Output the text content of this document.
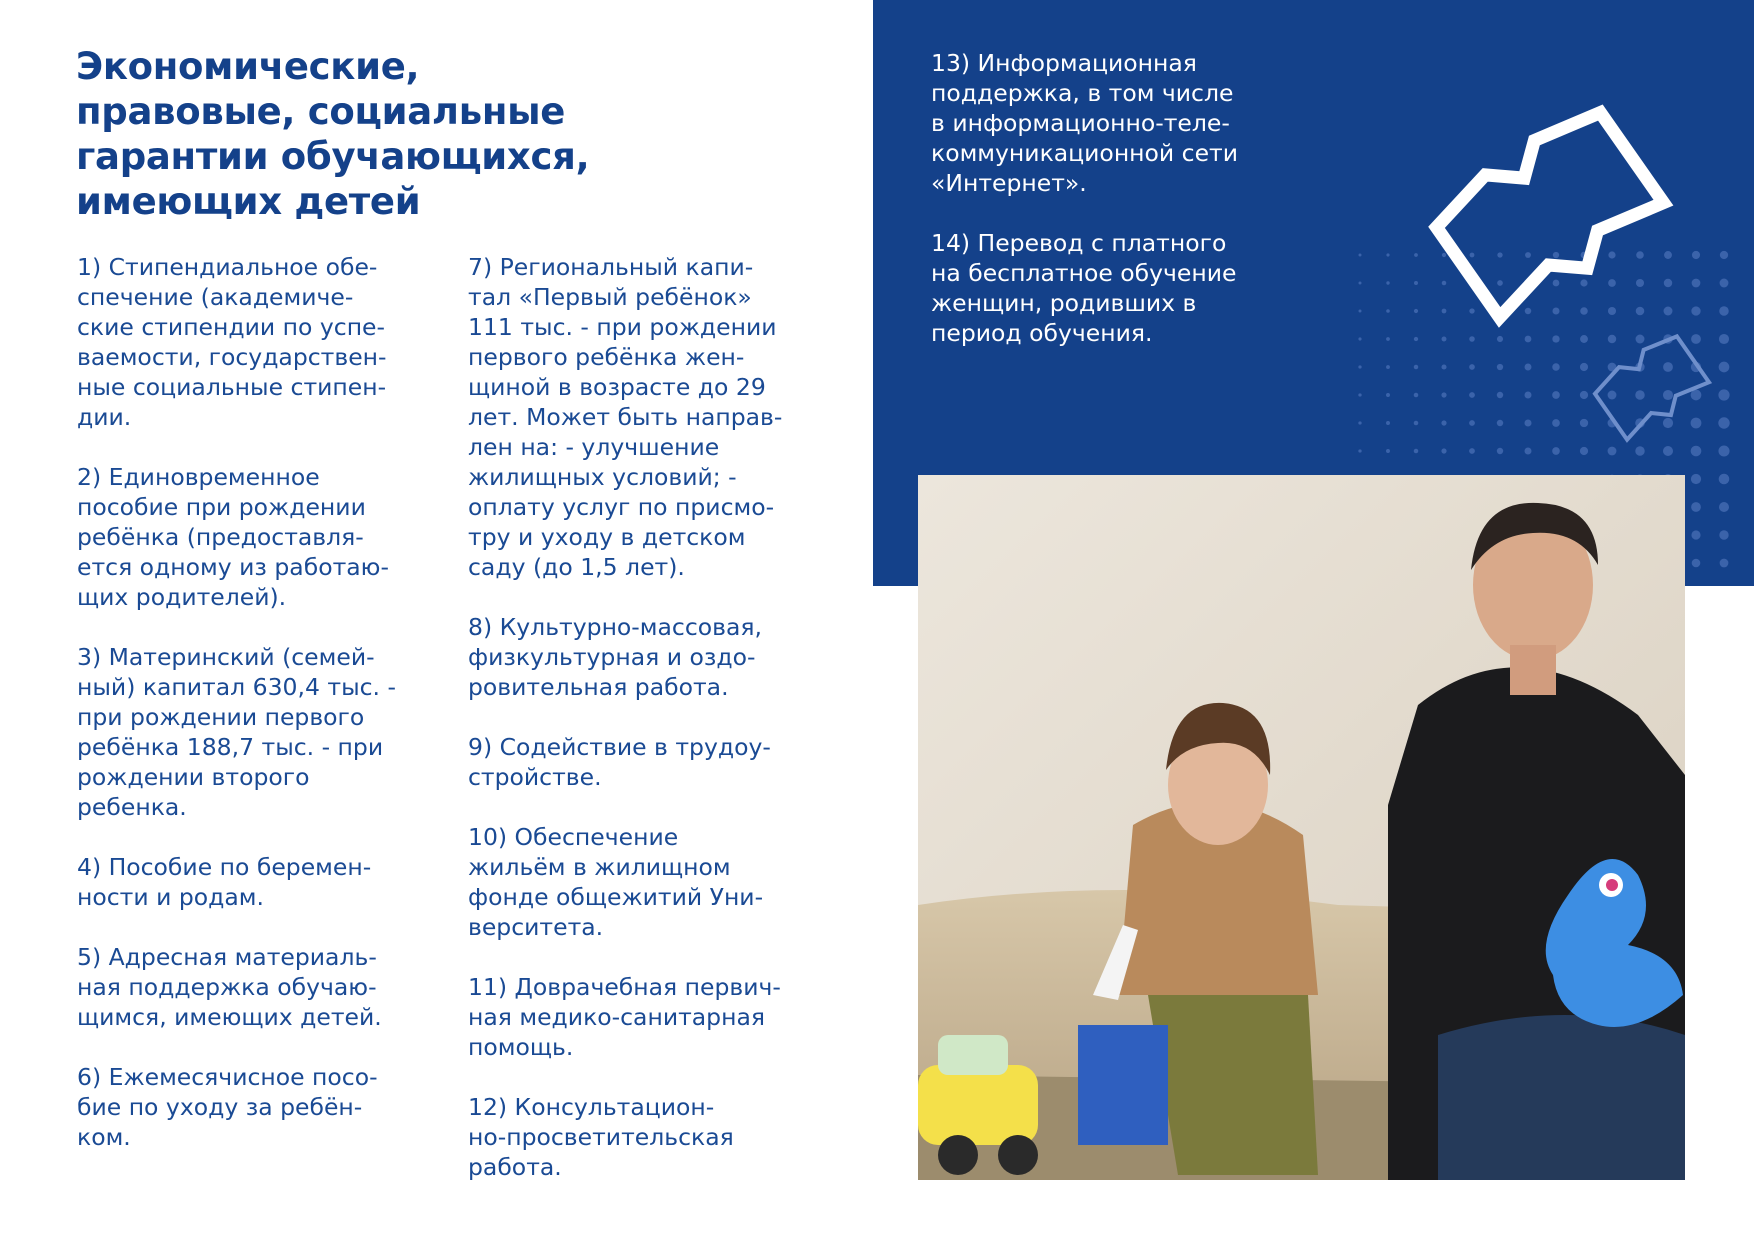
Экономические,
правовые, социальные
гарантии обучающихся,
имеющих детей

1) Стипендиальное обе-
спечение (академиче-
ские стипендии по успе-
ваемости, государствен-
ные социальные стипен-
дии.

2) Единовременное
пособие при рождении
ребёнка (предоставля-
ется одному из работаю-
щих родителей).

3) Материнский (семей-
ный) капитал 630,4 тыс. -
при рождении первого
ребёнка 188,7 тыс. - при
рождении второго
ребенка.

4) Пособие по беремен-
ности и родам.

5) Адресная материаль-
ная поддержка обучаю-
щимся, имеющих детей.

6) Ежемесячисное посо-
бие по уходу за ребён-
ком.

7) Региональный капи-
тал «Первый ребёнок»
111 тыс. - при рождении
первого ребёнка жен-
щиной в возрасте до 29
лет. Может быть направ-
лен на: - улучшение
жилищных условий; -
оплату услуг по присмо-
тру и уходу в детском
саду (до 1,5 лет).

8) Культурно-массовая,
физкультурная и оздо-
ровительная работа.

9) Содействие в трудоу-
стройстве.

10) Обеспечение
жильём в жилищном
фонде общежитий Уни-
верситета.

11) Доврачебная первич-
ная медико-санитарная
помощь.

12) Консультацион-
но-просветительская
работа.

13) Информационная
поддержка, в том числе
в информационно-теле-
коммуникационной сети
«Интернет».

14) Перевод с платного
на бесплатное обучение
женщин, родивших в
период обучения.
